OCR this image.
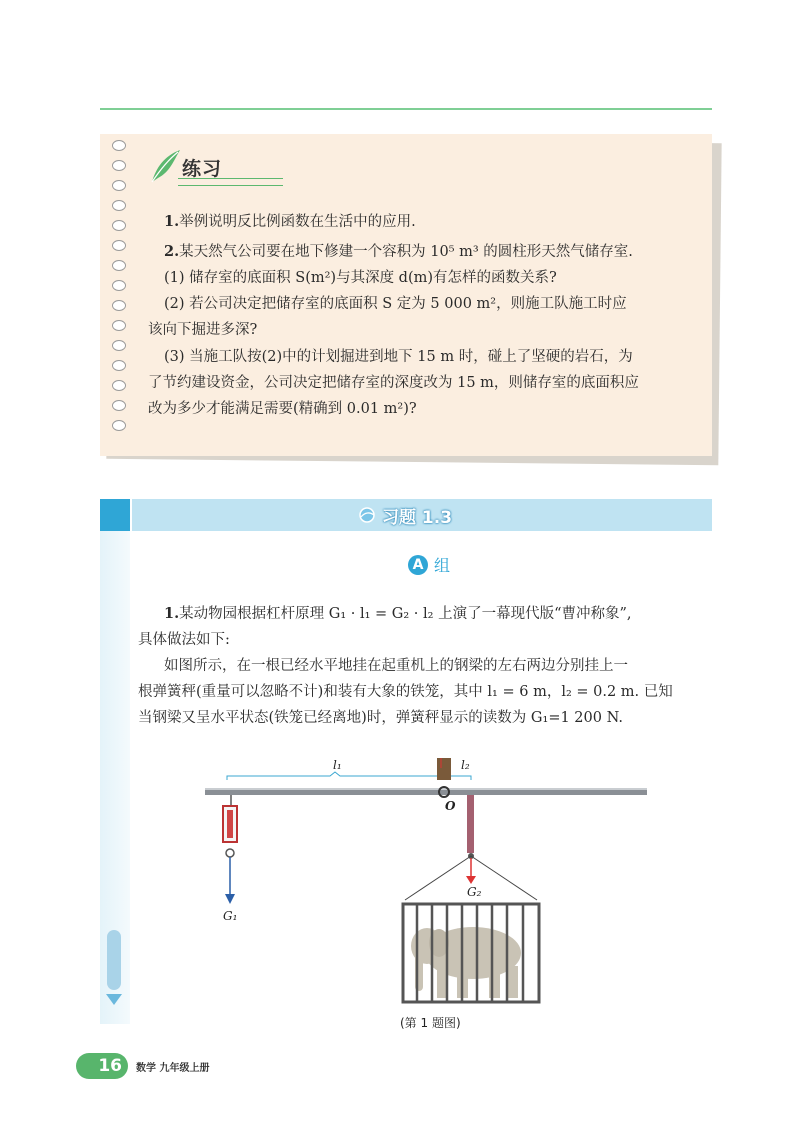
练习
1.举例说明反比例函数在生活中的应用.
2.某天然气公司要在地下修建一个容积为 10⁵ m³ 的圆柱形天然气储存室.
(1) 储存室的底面积 S(m²)与其深度 d(m)有怎样的函数关系?
(2) 若公司决定把储存室的底面积 S 定为 5 000 m²，则施工队施工时应
该向下掘进多深?
(3) 当施工队按(2)中的计划掘进到地下 15 m 时，碰上了坚硬的岩石，为
了节约建设资金，公司决定把储存室的深度改为 15 m，则储存室的底面积应
改为多少才能满足需要(精确到 0.01 m²)?
习题 1.3
A 组
1.某动物园根据杠杆原理 G₁ · l₁ = G₂ · l₂ 上演了一幕现代版“曹冲称象”,
具体做法如下:
如图所示，在一根已经水平地挂在起重机上的钢梁的左右两边分别挂上一
根弹簧秤(重量可以忽略不计)和装有大象的铁笼，其中 l₁ = 6 m，l₂ = 0.2 m. 已知
当钢梁又呈水平状态(铁笼已经离地)时，弹簧秤显示的读数为 G₁=1 200 N.
l₁	l₂
O
G₁
G₂
(第 1 题图)
16 数学 九年级上册
